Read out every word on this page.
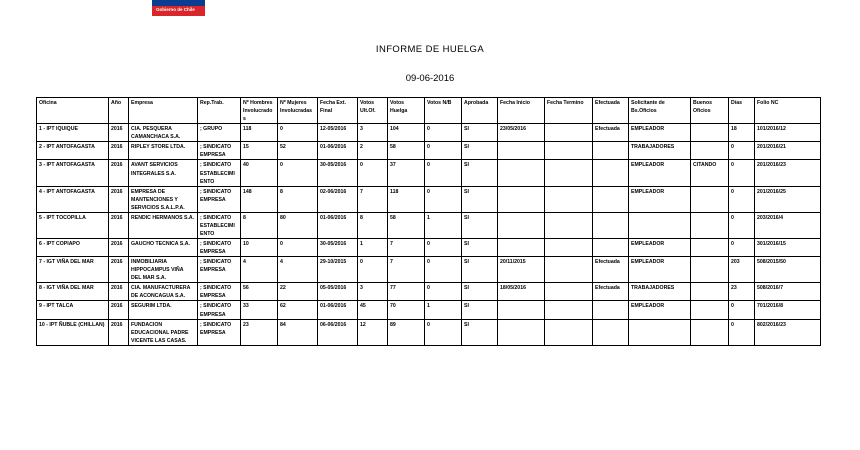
Gobierno de Chile
INFORME DE HUELGA
09-06-2016
Oficina	Año	Empresa	Rep.Trab.	Nº Hombres Involucrados	Nº Mujeres Involucradas	Fecha Ext. Final	Votos Ult.Of.	Votos Huelga	Votos N/B	Aprobada	Fecha Inicio	Fecha Termino	Efectuada	Solicitante de Bs.Oficios	Buenos Oficios	Días	Folio NC
1 - IPT IQUIQUE	2016	CIA. PESQUERA CAMANCHACA S.A.	; GRUPO	118	0	12-05/2016	3	104	0	SI	23/05/2016		Efectuada	EMPLEADOR		18	101/2016/12
2 - IPT ANTOFAGASTA	2016	RIPLEY STORE LTDA.	; SINDICATO EMPRESA	15	52	01-06/2016	2	58	0	SI				TRABAJADORES		0	201/2016/21
3 - IPT ANTOFAGASTA	2016	AVANT SERVICIOS INTEGRALES S.A.	; SINDICATO ESTABLECIMIENTO	40	0	30-05/2016	0	37	0	SI				EMPLEADOR	CITANDO	0	201/2016/23
4 - IPT ANTOFAGASTA	2016	EMPRESA DE MANTENCIONES Y SERVICIOS S.A.L.P.A.	; SINDICATO EMPRESA	148	8	02-06/2016	7	118	0	SI				EMPLEADOR		0	201/2016/25
5 - IPT TOCOPILLA	2016	RENDIC HERMANOS S.A.	; SINDICATO ESTABLECIMIENTO	8	80	01-06/2016	8	58	1	SI						0	203/2016/4
6 - IPT COPIAPO	2016	GAUCHO TECNICA S.A.	; SINDICATO EMPRESA	10	0	30-05/2016	1	7	0	SI				EMPLEADOR		0	301/2016/15
7 - IGT VIÑA DEL MAR	2016	INMOBILIARIA HIPPOCAMPUS VIÑA DEL MAR S.A.	; SINDICATO EMPRESA	4	4	29-10/2015	0	7	0	SI	20/11/2015		Efectuada	EMPLEADOR		203	508/2015/50
8 - IGT VIÑA DEL MAR	2016	CIA. MANUFACTURERA DE ACONCAGUA S.A.	; SINDICATO EMPRESA	56	22	05-05/2016	3	77	0	SI	18/05/2016		Efectuada	TRABAJADORES		23	508/2016/7
9 - IPT TALCA	2016	SEGURIM LTDA.	; SINDICATO EMPRESA	33	62	01-06/2016	45	70	1	SI				EMPLEADOR		0	701/2016/8
10 - IPT ÑUBLE (CHILLAN)	2016	FUNDACION EDUCACIONAL PADRE VICENTE LAS CASAS.	; SINDICATO EMPRESA	23	84	06-06/2016	12	89	0	SI						0	802/2016/23
